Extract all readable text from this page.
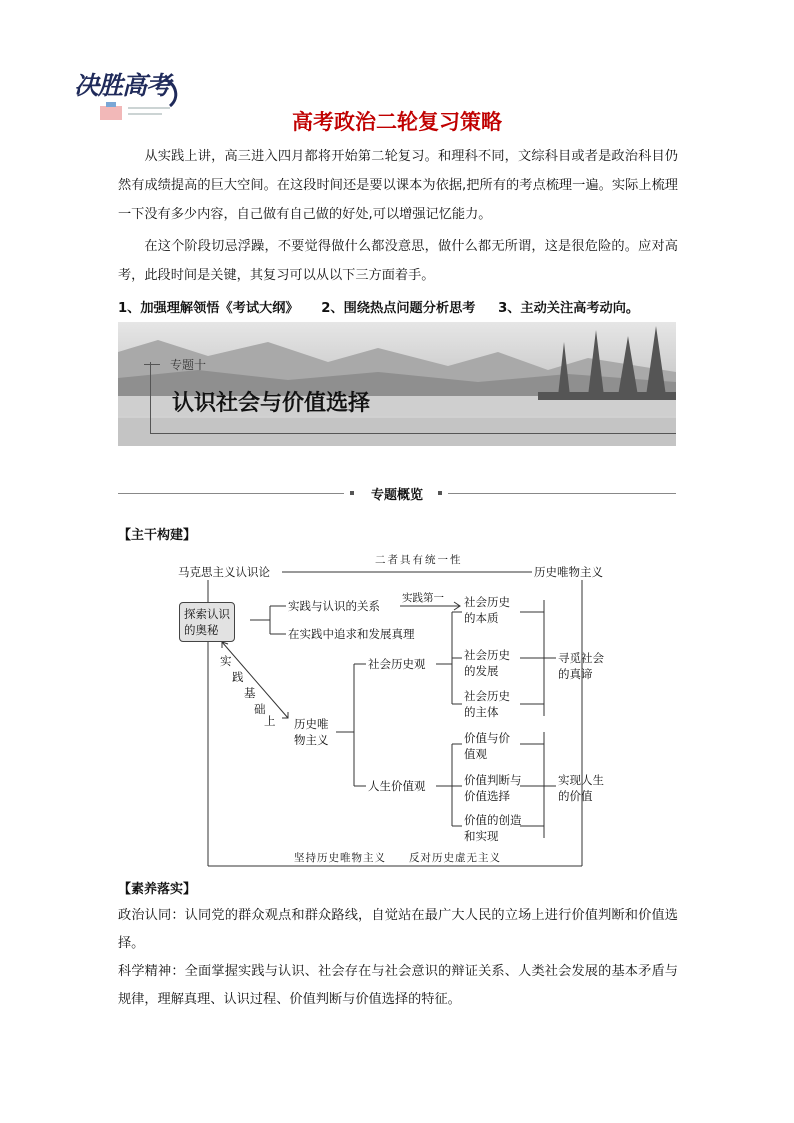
决胜高考
高考政治二轮复习策略
从实践上讲，高三进入四月都将开始第二轮复习。和理科不同，文综科目或者是政治科目仍然有成绩提高的巨大空间。在这段时间还是要以课本为依据,把所有的考点梳理一遍。实际上梳理一下没有多少内容，自己做有自己做的好处,可以增强记忆能力。
在这个阶段切忌浮躁，不要觉得做什么都没意思，做什么都无所谓，这是很危险的。应对高考，此段时间是关键，其复习可以从以下三方面着手。
1、加强理解领悟《考试大纲》 2、围绕热点问题分析思考 3、主动关注高考动向。
专题十
认识社会与价值选择
专题概览
【主干构建】
马克思主义认识论
二者具有统一性
历史唯物主义
探索认识
的奥秘
实践与认识的关系
实践第一
在实践中追求和发展真理
实
践
基
础
上 历史唯
物主义
社会历史观
人生价值观
社会历史
的本质
社会历史
的发展
社会历史
的主体
寻觅社会
的真谛
价值与价
值观
价值判断与
价值选择
价值的创造
和实现
实现人生
的价值
坚持历史唯物主义　　反对历史虚无主义
【素养落实】
政治认同：认同党的群众观点和群众路线，自觉站在最广大人民的立场上进行价值判断和价值选择。
科学精神：全面掌握实践与认识、社会存在与社会意识的辩证关系、人类社会发展的基本矛盾与规律，理解真理、认识过程、价值判断与价值选择的特征。
